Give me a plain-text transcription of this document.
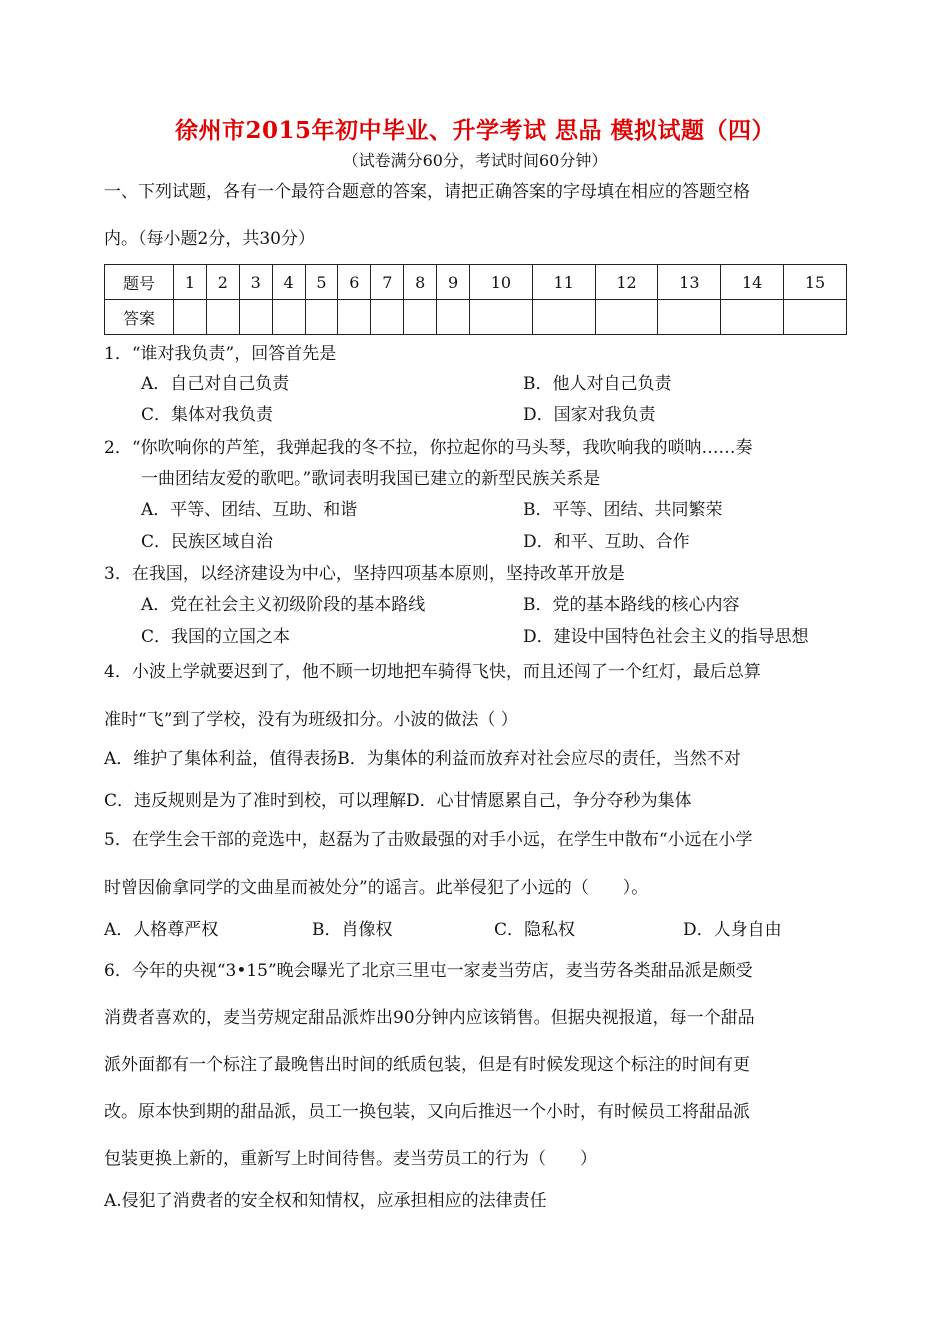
徐州市2015年初中毕业、升学考试 思品 模拟试题（四）
（试卷满分60分，考试时间60分钟）
一、下列试题，各有一个最符合题意的答案，请把正确答案的字母填在相应的答题空格
内。（每小题2分，共30分）
题号	1	2	3	4	5	6	7	8	9	10	11	12	13	14	15
答案															
1．“谁对我负责”，回答首先是
A．自己对自己负责	B．他人对自己负责
C．集体对我负责	D．国家对我负责
2．“你吹响你的芦笙，我弹起我的冬不拉，你拉起你的马头琴，我吹响我的唢呐……奏
一曲团结友爱的歌吧。”歌词表明我国已建立的新型民族关系是
A．平等、团结、互助、和谐	B．平等、团结、共同繁荣
C．民族区域自治	D．和平、互助、合作
3．在我国，以经济建设为中心，坚持四项基本原则，坚持改革开放是
A．党在社会主义初级阶段的基本路线	B．党的基本路线的核心内容
C．我国的立国之本	D．建设中国特色社会主义的指导思想
4．小波上学就要迟到了，他不顾一切地把车骑得飞快，而且还闯了一个红灯，最后总算
准时“飞”到了学校，没有为班级扣分。小波的做法（ ）
A．维护了集体利益，值得表扬B．为集体的利益而放弃对社会应尽的责任，当然不对
C．违反规则是为了准时到校，可以理解D．心甘情愿累自己，争分夺秒为集体
5．在学生会干部的竞选中，赵磊为了击败最强的对手小远，在学生中散布“小远在小学
时曾因偷拿同学的文曲星而被处分”的谣言。此举侵犯了小远的（　　）。
A．人格尊严权	B．肖像权	C．隐私权	D．人身自由
6．今年的央视“3•15”晚会曝光了北京三里屯一家麦当劳店，麦当劳各类甜品派是颇受
消费者喜欢的，麦当劳规定甜品派炸出90分钟内应该销售。但据央视报道，每一个甜品
派外面都有一个标注了最晚售出时间的纸质包装，但是有时候发现这个标注的时间有更
改。原本快到期的甜品派，员工一换包装，又向后推迟一个小时，有时候员工将甜品派
包装更换上新的，重新写上时间待售。麦当劳员工的行为（　　）
A.侵犯了消费者的安全权和知情权，应承担相应的法律责任
